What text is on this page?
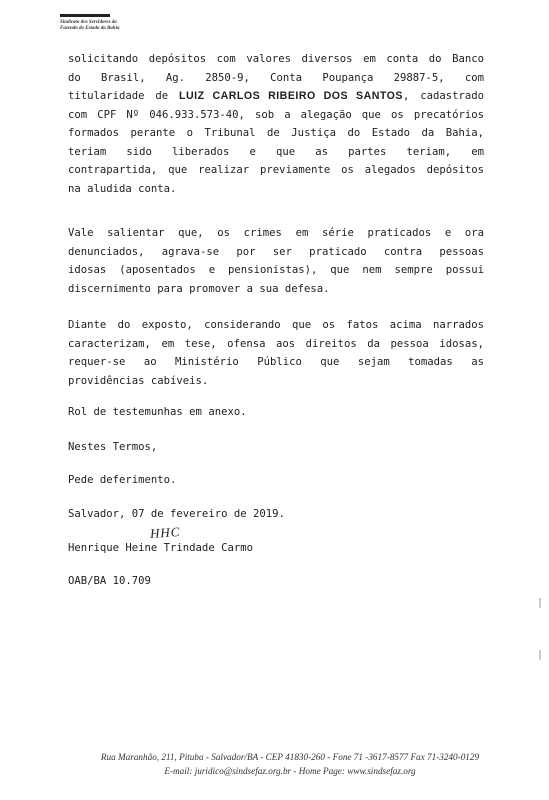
Sindicato dos Servidores da
Fazenda do Estado da Bahia
solicitando depósitos com valores diversos em conta do Banco
do Brasil, Ag. 2850-9, Conta Poupança 29887-5, com
titularidade de LUIZ CARLOS RIBEIRO DOS SANTOS, cadastrado
com CPF Nº 046.933.573-40, sob a alegação que os precatórios
formados perante o Tribunal de Justiça do Estado da Bahia,
teriam sido liberados e que as partes teriam, em
contrapartida, que realizar previamente os alegados depósitos
na aludida conta.
Vale salientar que, os crimes em série praticados e ora
denunciados, agrava-se por ser praticado contra pessoas
idosas (aposentados e pensionistas), que nem sempre possui
discernimento para promover a sua defesa.
Diante do exposto, considerando que os fatos acima narrados
caracterizam, em tese, ofensa aos direitos da pessoa idosas,
requer-se ao Ministério Público que sejam tomadas as
providências cabíveis.
Rol de testemunhas em anexo.
Nestes Termos,
Pede deferimento.
Salvador, 07 de fevereiro de 2019.
HHC
Henrique Heine Trindade Carmo
OAB/BA 10.709
Rua Maranhão, 211, Pituba - Salvador/BA - CEP 41830-260 - Fone 71 -3617-8577 Fax 71-3240-0129
E-mail: juridico@sindsefaz.org.br - Home Page: www.sindsefaz.org
